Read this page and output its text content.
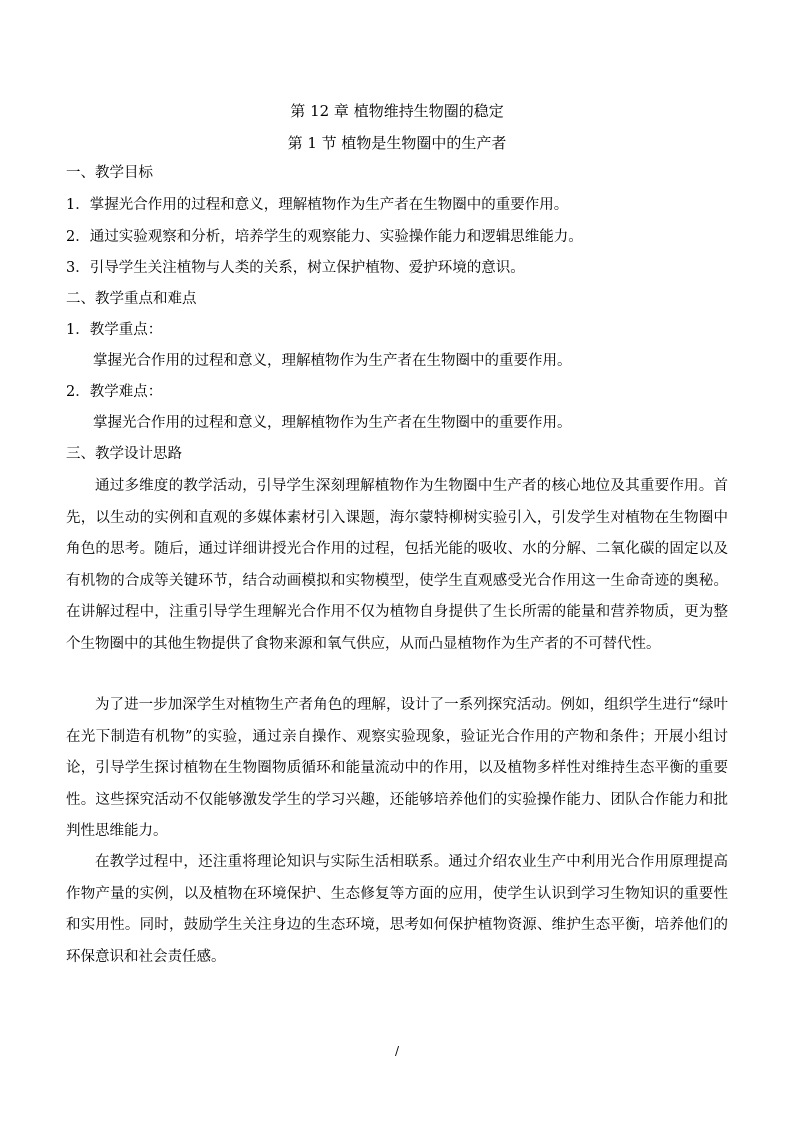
第 12 章 植物维持生物圈的稳定
第 1 节 植物是生物圈中的生产者
一、教学目标
1．掌握光合作用的过程和意义，理解植物作为生产者在生物圈中的重要作用。
2．通过实验观察和分析，培养学生的观察能力、实验操作能力和逻辑思维能力。
3．引导学生关注植物与人类的关系，树立保护植物、爱护环境的意识。
二、教学重点和难点
1．教学重点：
掌握光合作用的过程和意义，理解植物作为生产者在生物圈中的重要作用。
2．教学难点：
掌握光合作用的过程和意义，理解植物作为生产者在生物圈中的重要作用。
三、教学设计思路

通过多维度的教学活动，引导学生深刻理解植物作为生物圈中生产者的核心地位及其重要作用。首先，以生动的实例和直观的多媒体素材引入课题，海尔蒙特柳树实验引入，引发学生对植物在生物圈中角色的思考。随后，通过详细讲授光合作用的过程，包括光能的吸收、水的分解、二氧化碳的固定以及有机物的合成等关键环节，结合动画模拟和实物模型，使学生直观感受光合作用这一生命奇迹的奥秘。在讲解过程中，注重引导学生理解光合作用不仅为植物自身提供了生长所需的能量和营养物质，更为整个生物圈中的其他生物提供了食物来源和氧气供应，从而凸显植物作为生产者的不可替代性。

为了进一步加深学生对植物生产者角色的理解，设计了一系列探究活动。例如，组织学生进行“绿叶在光下制造有机物”的实验，通过亲自操作、观察实验现象，验证光合作用的产物和条件；开展小组讨论，引导学生探讨植物在生物圈物质循环和能量流动中的作用，以及植物多样性对维持生态平衡的重要性。这些探究活动不仅能够激发学生的学习兴趣，还能够培养他们的实验操作能力、团队合作能力和批判性思维能力。

在教学过程中，还注重将理论知识与实际生活相联系。通过介绍农业生产中利用光合作用原理提高作物产量的实例，以及植物在环境保护、生态修复等方面的应用，使学生认识到学习生物知识的重要性和实用性。同时，鼓励学生关注身边的生态环境，思考如何保护植物资源、维护生态平衡，培养他们的环保意识和社会责任感。

/
